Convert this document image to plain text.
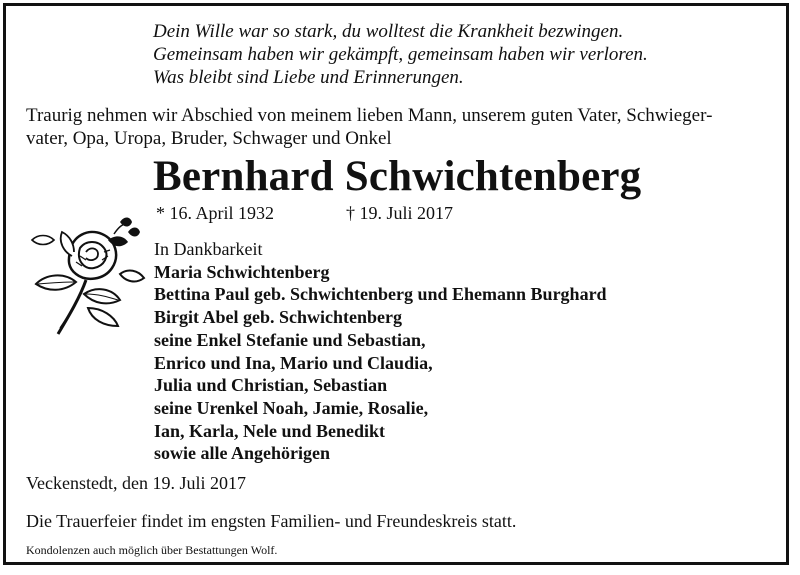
Dein Wille war so stark, du wolltest die Krankheit bezwingen.
Gemeinsam haben wir gekämpft, gemeinsam haben wir verloren.
Was bleibt sind Liebe und Erinnerungen.
Traurig nehmen wir Abschied von meinem lieben Mann, unserem guten Vater, Schwieger-
vater, Opa, Uropa, Bruder, Schwager und Onkel
Bernhard Schwichtenberg
* 16. April 1932	† 19. Juli 2017
In Dankbarkeit
Maria Schwichtenberg
Bettina Paul geb. Schwichtenberg und Ehemann Burghard
Birgit Abel geb. Schwichtenberg
seine Enkel Stefanie und Sebastian,
Enrico und Ina, Mario und Claudia,
Julia und Christian, Sebastian
seine Urenkel Noah, Jamie, Rosalie,
Ian, Karla, Nele und Benedikt
sowie alle Angehörigen
Veckenstedt, den 19. Juli 2017
Die Trauerfeier findet im engsten Familien- und Freundeskreis statt.
Kondolenzen auch möglich über Bestattungen Wolf.
